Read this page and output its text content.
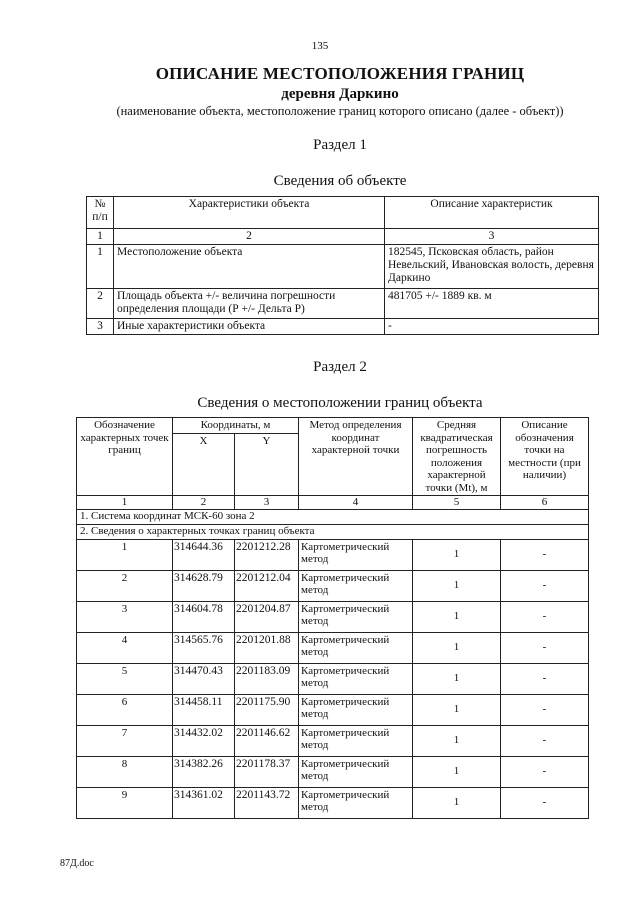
135
ОПИСАНИЕ МЕСТОПОЛОЖЕНИЯ ГРАНИЦ
деревня Даркино
(наименование объекта, местоположение границ которого описано (далее - объект))
Раздел 1
Сведения об объекте
№ п/п	Характеристики объекта	Описание характеристик
1	2	3
1	Местоположение объекта	182545, Псковская область, район Невельский, Ивановская волость, деревня Даркино
2	Площадь объекта +/- величина погрешности определения площади (Р +/- Дельта Р)	481705 +/- 1889 кв. м
3	Иные характеристики объекта	-
Раздел 2
Сведения о местоположении границ объекта
Обозначение характерных точек границ	Координаты, м		Метод определения координат характерной точки	Средняя квадратическая погрешность положения характерной точки (Мt), м	Описание обозначения точки на местности (при наличии)
	X	Y			
1	2	3	4	5	6
1. Система координат МСК-60 зона 2					
2. Сведения о характерных точках границ объекта					
1	314644.36	2201212.28	Картометрический метод	1	-
2	314628.79	2201212.04	Картометрический метод	1	-
3	314604.78	2201204.87	Картометрический метод	1	-
4	314565.76	2201201.88	Картометрический метод	1	-
5	314470.43	2201183.09	Картометрический метод	1	-
6	314458.11	2201175.90	Картометрический метод	1	-
7	314432.02	2201146.62	Картометрический метод	1	-
8	314382.26	2201178.37	Картометрический метод	1	-
9	314361.02	2201143.72	Картометрический метод	1	-
87Д.doc
